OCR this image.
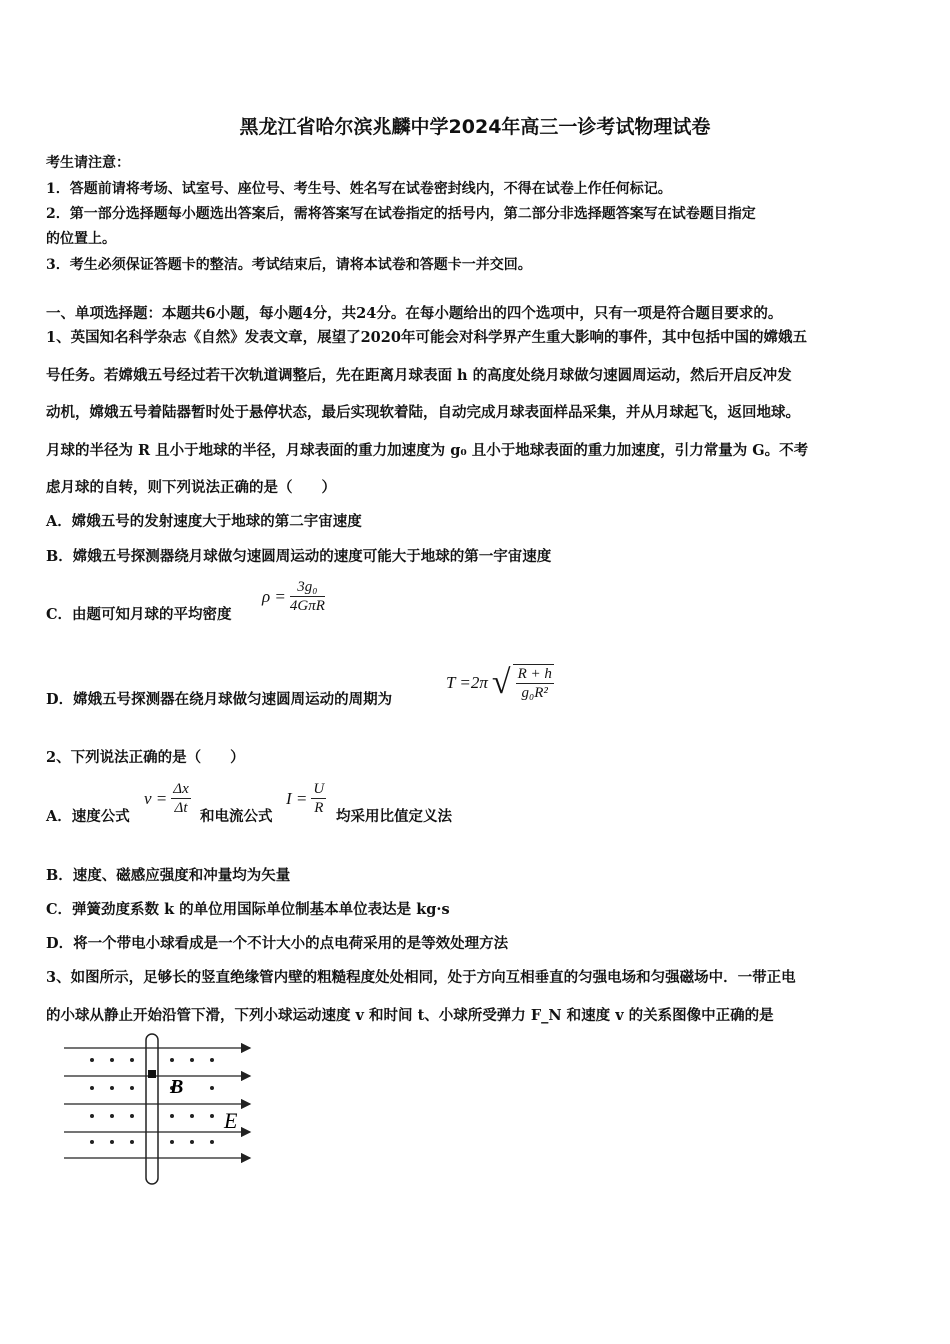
黑龙江省哈尔滨兆麟中学2024年高三一诊考试物理试卷
考生请注意：
1．答题前请将考场、试室号、座位号、考生号、姓名写在试卷密封线内，不得在试卷上作任何标记。
2．第一部分选择题每小题选出答案后，需将答案写在试卷指定的括号内，第二部分非选择题答案写在试卷题目指定
的位置上。
3．考生必须保证答题卡的整洁。考试结束后，请将本试卷和答题卡一并交回。
一、单项选择题：本题共6小题，每小题4分，共24分。在每小题给出的四个选项中，只有一项是符合题目要求的。
1、英国知名科学杂志《自然》发表文章，展望了2020年可能会对科学界产生重大影响的事件，其中包括中国的嫦娥五
号任务。若嫦娥五号经过若干次轨道调整后，先在距离月球表面 h 的高度处绕月球做匀速圆周运动，然后开启反冲发
动机，嫦娥五号着陆器暂时处于悬停状态，最后实现软着陆，自动完成月球表面样品采集，并从月球起飞，返回地球。
月球的半径为 R 且小于地球的半径，月球表面的重力加速度为 g₀ 且小于地球表面的重力加速度，引力常量为 G。不考
虑月球的自转，则下列说法正确的是（　　）
A．嫦娥五号的发射速度大于地球的第二宇宙速度
B．嫦娥五号探测器绕月球做匀速圆周运动的速度可能大于地球的第一宇宙速度
C．由题可知月球的平均密度
$\rho = \frac{\text{3g₀}}{\text{4GπR}}$
D．嫦娥五号探测器在绕月球做匀速圆周运动的周期为
T =2π √ $\frac{R + h}{\text{g₀R²}}$
2、下列说法正确的是（　　）
A．速度公式
$v = \frac{\Delta x}{\Delta t}$ 和电流公式
$I = \frac{U}{R}$ 均采用比值定义法
B．速度、磁感应强度和冲量均为矢量
C．弹簧劲度系数 k 的单位用国际单位制基本单位表达是 kg·s
D．将一个带电小球看成是一个不计大小的点电荷采用的是等效处理方法
3、如图所示，足够长的竖直绝缘管内壁的粗糙程度处处相同，处于方向互相垂直的匀强电场和匀强磁场中．一带正电
的小球从静止开始沿管下滑，下列小球运动速度 v 和时间 t、小球所受弹力 F_N 和速度 v 的关系图像中正确的是
B
E
